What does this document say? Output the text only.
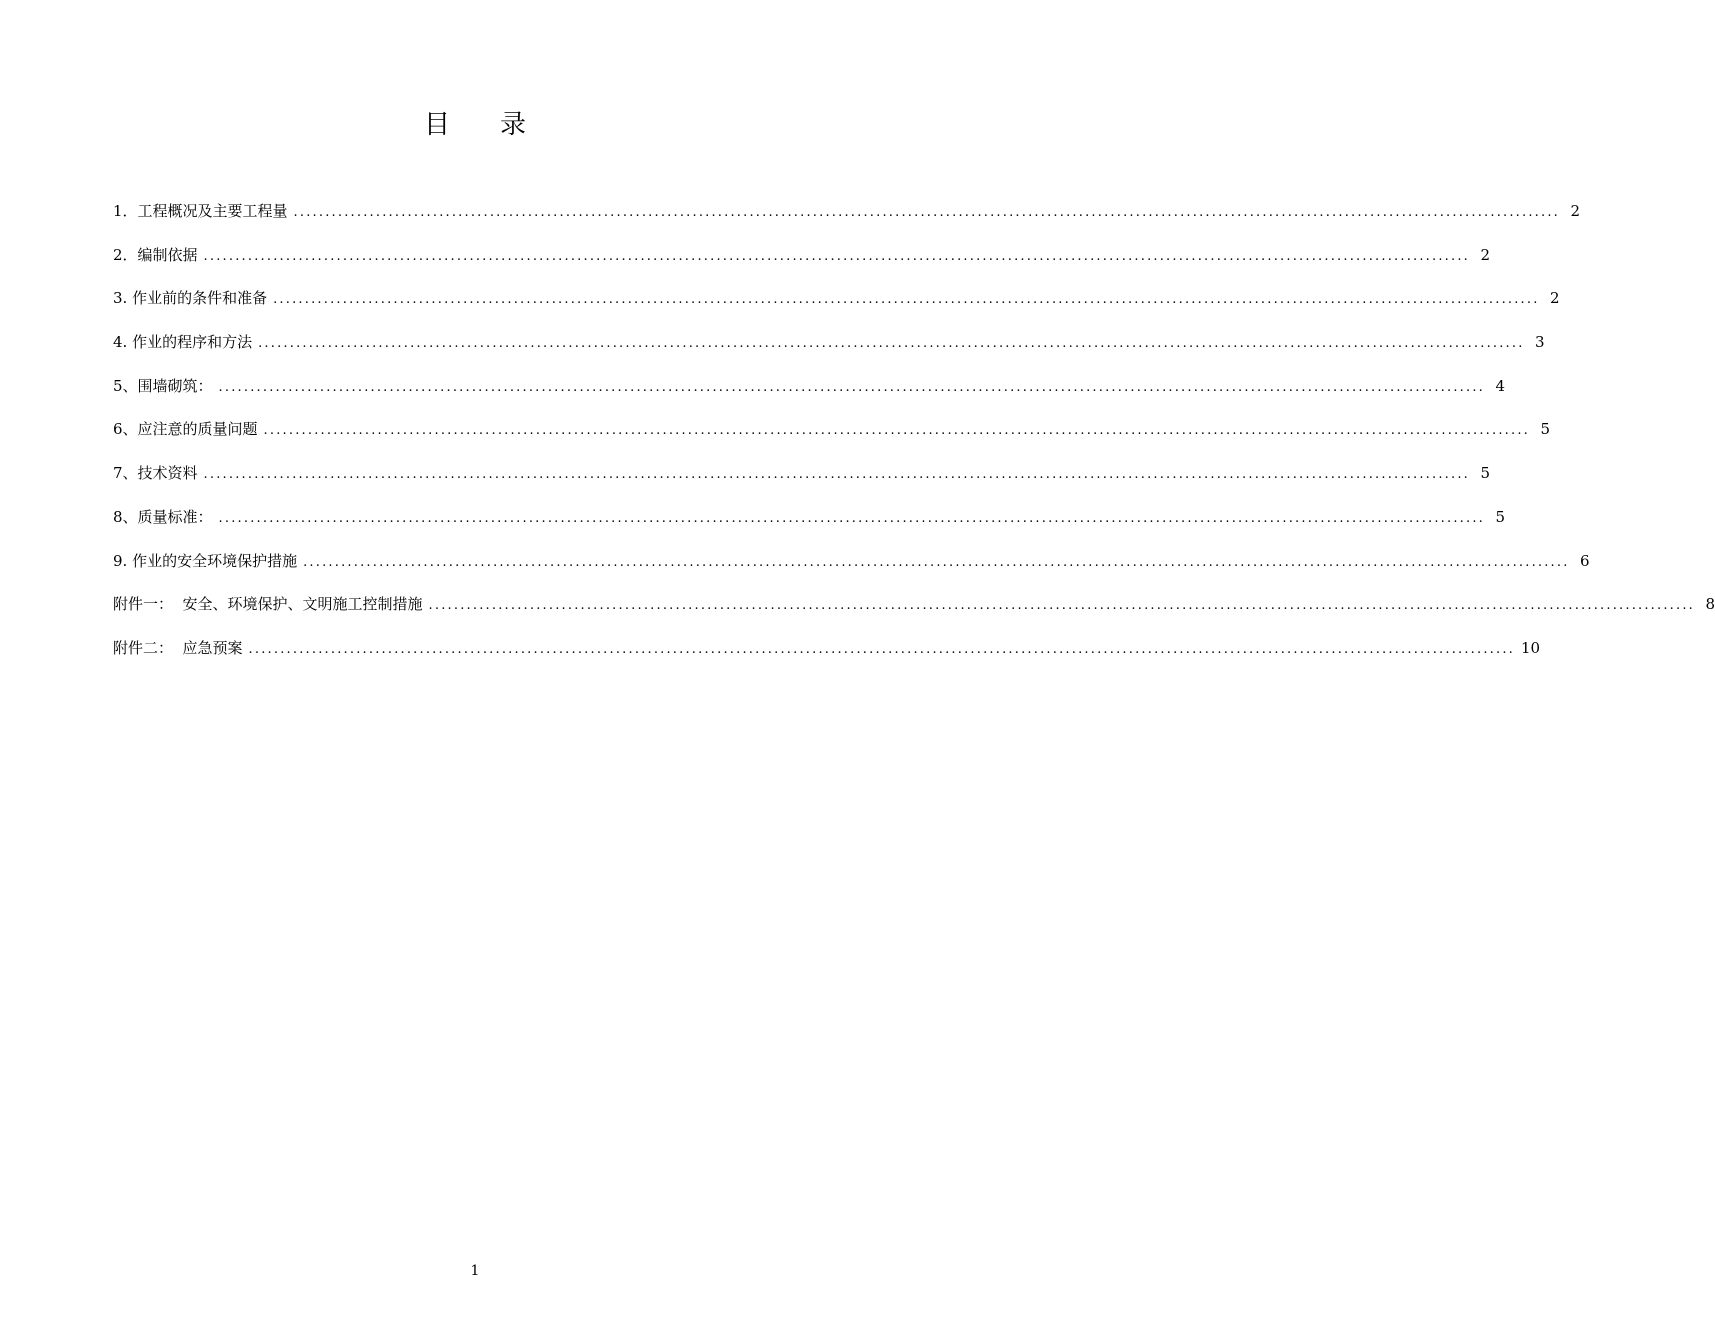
目 录
1．工程概况及主要工程量 ........................................................................................................................................................................................................ 2
2．编制依据 ........................................................................................................................................................................................................ 2
3. 作业前的条件和准备 ........................................................................................................................................................................................................ 2
4. 作业的程序和方法 ........................................................................................................................................................................................................ 3
5、围墙砌筑： ........................................................................................................................................................................................................ 4
6、应注意的质量问题 ........................................................................................................................................................................................................ 5
7、技术资料 ........................................................................................................................................................................................................ 5
8、质量标准： ........................................................................................................................................................................................................ 5
9. 作业的安全环境保护措施 ........................................................................................................................................................................................................ 6
附件一：  安全、环境保护、文明施工控制措施 ........................................................................................................................................................................................................ 8
附件二：  应急预案 ........................................................................................................................................................................................................ 10
1
